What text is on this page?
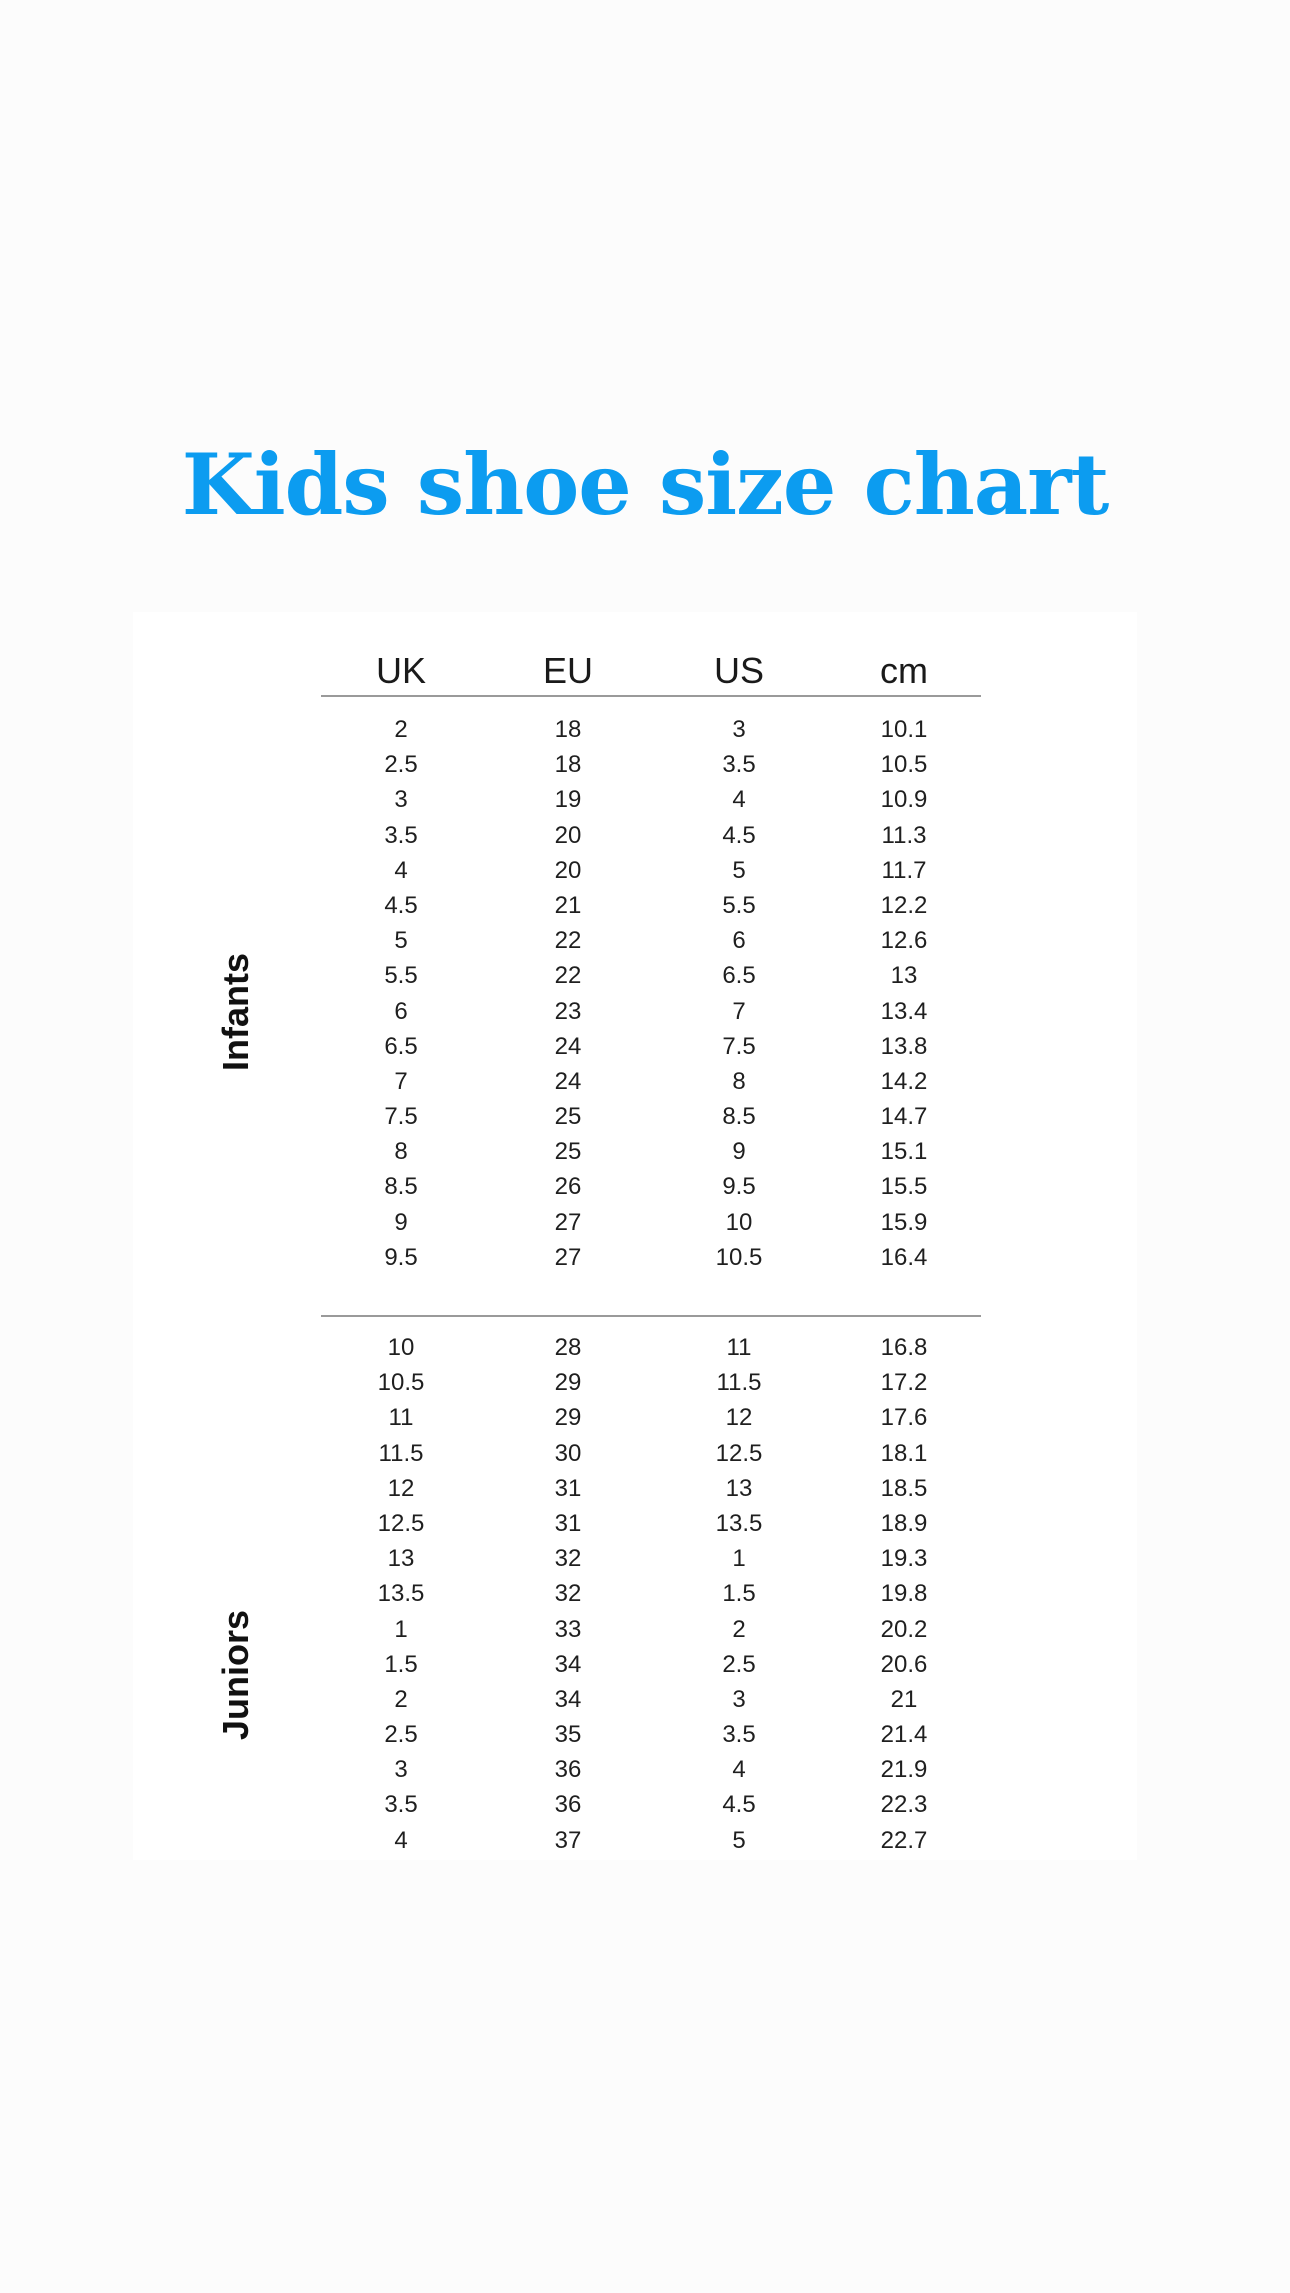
Kids shoe size chart
UK	EU	US	cm
Infants
2	18	3	10.1
2.5	18	3.5	10.5
3	19	4	10.9
3.5	20	4.5	11.3
4	20	5	11.7
4.5	21	5.5	12.2
5	22	6	12.6
5.5	22	6.5	13
6	23	7	13.4
6.5	24	7.5	13.8
7	24	8	14.2
7.5	25	8.5	14.7
8	25	9	15.1
8.5	26	9.5	15.5
9	27	10	15.9
9.5	27	10.5	16.4
Juniors
10	28	11	16.8
10.5	29	11.5	17.2
11	29	12	17.6
11.5	30	12.5	18.1
12	31	13	18.5
12.5	31	13.5	18.9
13	32	1	19.3
13.5	32	1.5	19.8
1	33	2	20.2
1.5	34	2.5	20.6
2	34	3	21
2.5	35	3.5	21.4
3	36	4	21.9
3.5	36	4.5	22.3
4	37	5	22.7
